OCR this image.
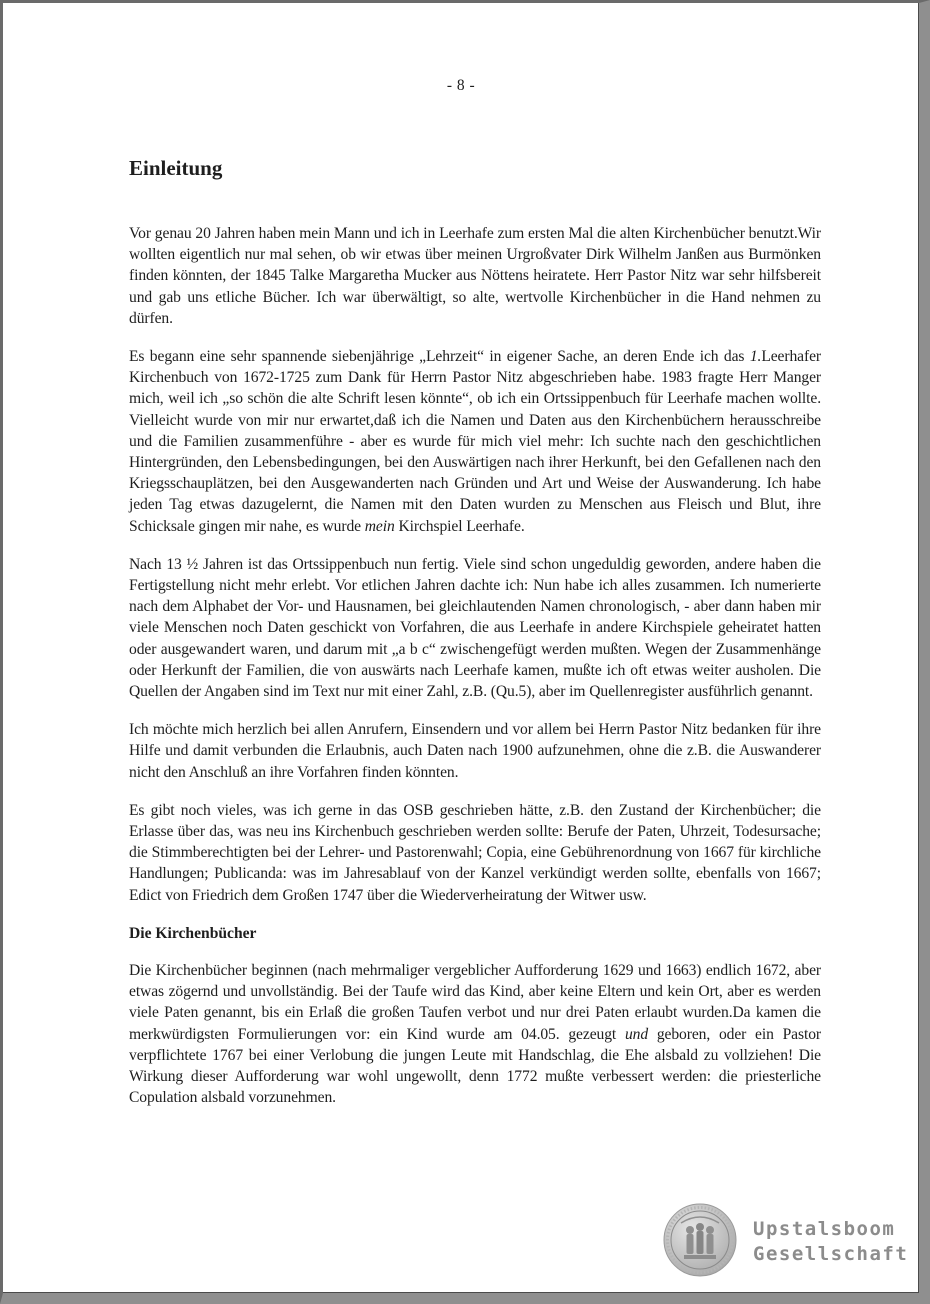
- 8 -
Einleitung

Vor genau 20 Jahren haben mein Mann und ich in Leerhafe zum ersten Mal die alten Kirchenbücher benutzt.Wir wollten eigentlich nur mal sehen, ob wir etwas über meinen Urgroßvater Dirk Wilhelm Janßen aus Burmönken finden könnten, der 1845 Talke Margaretha Mucker aus Nöttens heiratete. Herr Pastor Nitz war sehr hilfsbereit und gab uns etliche Bücher. Ich war überwältigt, so alte, wertvolle Kirchenbücher in die Hand nehmen zu dürfen.

Es begann eine sehr spannende siebenjährige „Lehrzeit“ in eigener Sache, an deren Ende ich das 1.Leerhafer Kirchenbuch von 1672-1725 zum Dank für Herrn Pastor Nitz abgeschrieben habe. 1983 fragte Herr Manger mich, weil ich „so schön die alte Schrift lesen könnte“, ob ich ein Ortssippenbuch für Leerhafe machen wollte. Vielleicht wurde von mir nur erwartet,daß ich die Namen und Daten aus den Kirchenbüchern herausschreibe und die Familien zusammenführe - aber es wurde für mich viel mehr: Ich suchte nach den geschichtlichen Hintergründen, den Lebensbedingungen, bei den Auswärtigen nach ihrer Herkunft, bei den Gefallenen nach den Kriegsschauplätzen, bei den Ausgewanderten nach Gründen und Art und Weise der Auswanderung. Ich habe jeden Tag etwas dazugelernt, die Namen mit den Daten wurden zu Menschen aus Fleisch und Blut, ihre Schicksale gingen mir nahe, es wurde mein Kirchspiel Leerhafe.

Nach 13 ½ Jahren ist das Ortssippenbuch nun fertig. Viele sind schon ungeduldig geworden, andere haben die Fertigstellung nicht mehr erlebt. Vor etlichen Jahren dachte ich: Nun habe ich alles zusammen. Ich numerierte nach dem Alphabet der Vor- und Hausnamen, bei gleichlautenden Namen chronologisch, - aber dann haben mir viele Menschen noch Daten geschickt von Vorfahren, die aus Leerhafe in andere Kirchspiele geheiratet hatten oder ausgewandert waren, und darum mit „a b c“ zwischengefügt werden mußten. Wegen der Zusammenhänge oder Herkunft der Familien, die von auswärts nach Leerhafe kamen, mußte ich oft etwas weiter ausholen. Die Quellen der Angaben sind im Text nur mit einer Zahl, z.B. (Qu.5), aber im Quellenregister ausführlich genannt.

Ich möchte mich herzlich bei allen Anrufern, Einsendern und vor allem bei Herrn Pastor Nitz bedanken für ihre Hilfe und damit verbunden die Erlaubnis, auch Daten nach 1900 aufzunehmen, ohne die z.B. die Auswanderer nicht den Anschluß an ihre Vorfahren finden könnten.

Es gibt noch vieles, was ich gerne in das OSB geschrieben hätte, z.B. den Zustand der Kirchenbücher; die Erlasse über das, was neu ins Kirchenbuch geschrieben werden sollte: Berufe der Paten, Uhrzeit, Todesursache; die Stimmberechtigten bei der Lehrer- und Pastorenwahl; Copia, eine Gebührenordnung von 1667 für kirchliche Handlungen; Publicanda: was im Jahresablauf von der Kanzel verkündigt werden sollte, ebenfalls von 1667; Edict von Friedrich dem Großen 1747 über die Wiederverheiratung der Witwer usw.

Die Kirchenbücher

Die Kirchenbücher beginnen (nach mehrmaliger vergeblicher Aufforderung 1629 und 1663) endlich 1672, aber etwas zögernd und unvollständig. Bei der Taufe wird das Kind, aber keine Eltern und kein Ort, aber es werden viele Paten genannt, bis ein Erlaß die großen Taufen verbot und nur drei Paten erlaubt wurden.Da kamen die merkwürdigsten Formulierungen vor: ein Kind wurde am 04.05. gezeugt und geboren, oder ein Pastor verpflichtete 1767 bei einer Verlobung die jungen Leute mit Handschlag, die Ehe alsbald zu vollziehen! Die Wirkung dieser Aufforderung war wohl ungewollt, denn 1772 mußte verbessert werden: die priesterliche Copulation alsbald vorzunehmen.

Upstalsboom
Gesellschaft
